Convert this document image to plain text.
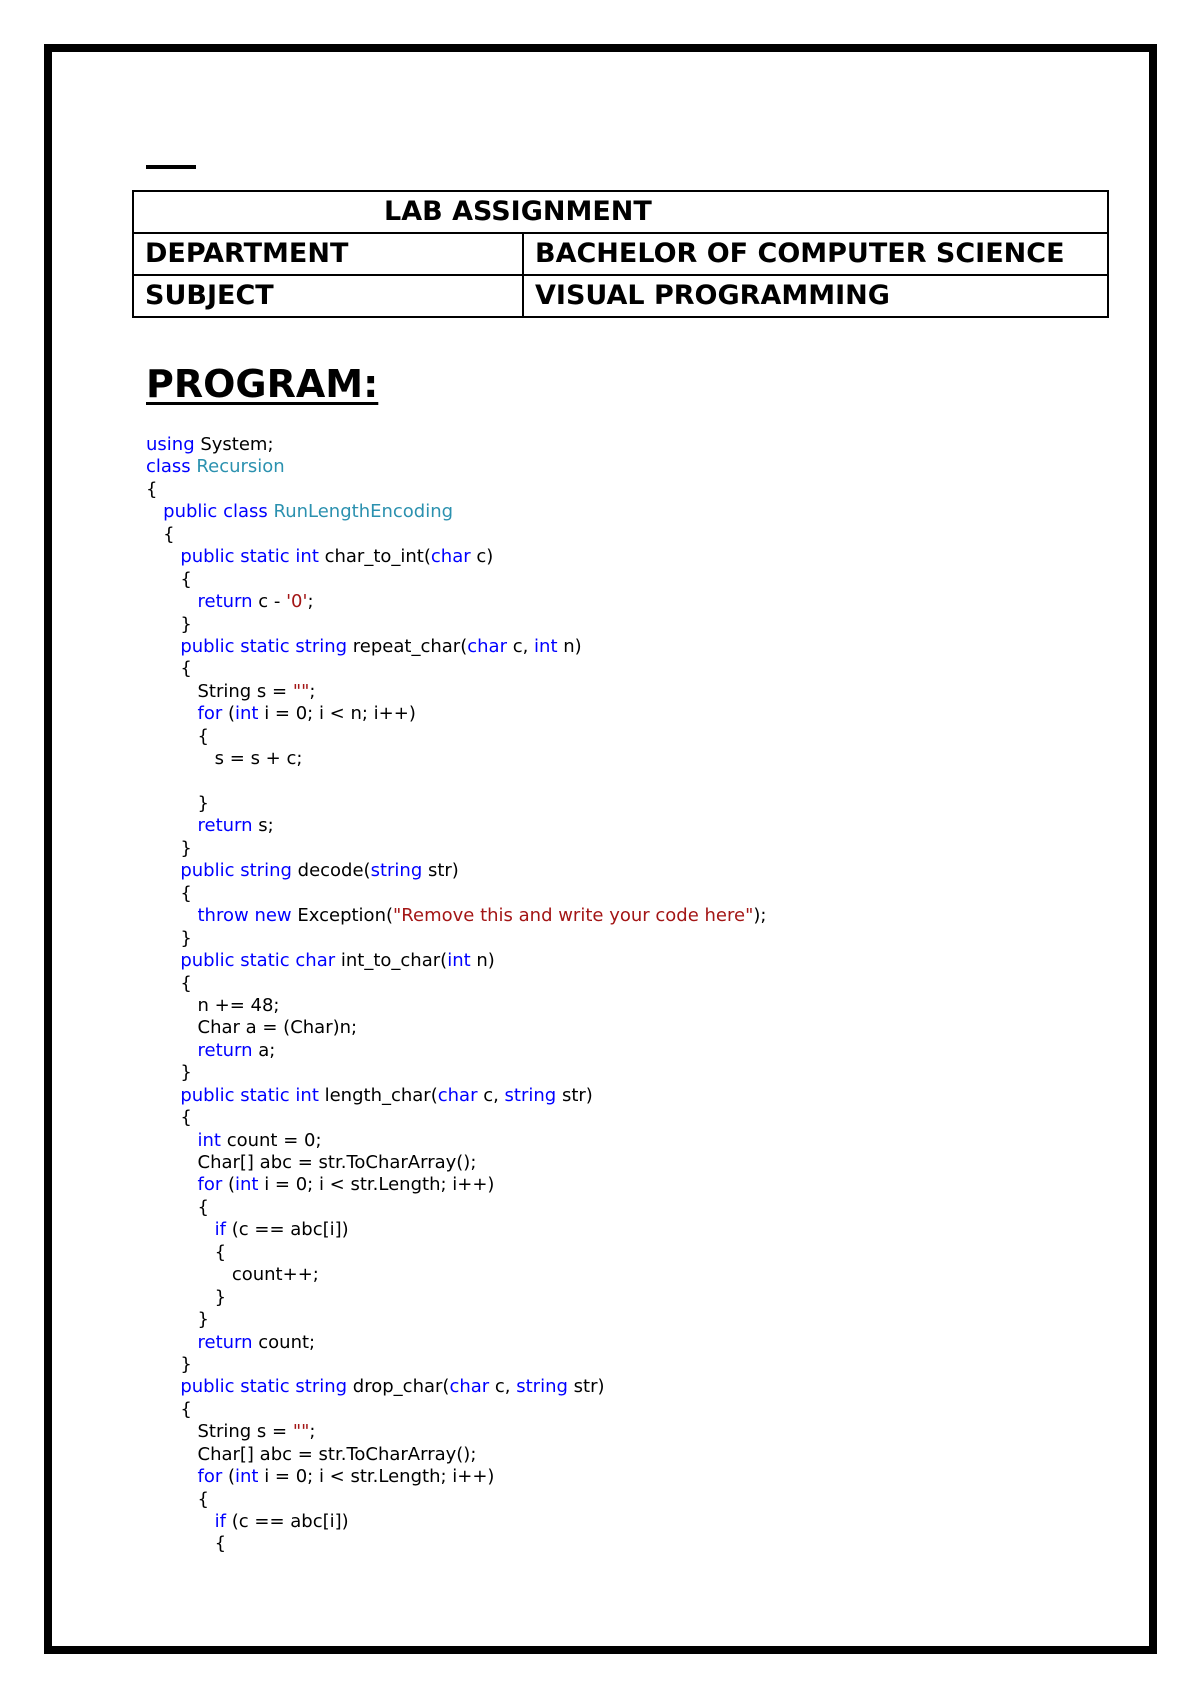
LAB ASSIGNMENT	
DEPARTMENT	BACHELOR OF COMPUTER SCIENCE
SUBJECT	VISUAL PROGRAMMING
PROGRAM:
using System;
class Recursion
{
public class RunLengthEncoding
{
public static int char_to_int(char c)
{
return c - '0';
}
public static string repeat_char(char c, int n)
{
String s = "";
for (int i = 0; i < n; i++)
{
s = s + c;
}
return s;
}
public string decode(string str)
{
throw new Exception("Remove this and write your code here");
}
public static char int_to_char(int n)
{
n += 48;
Char a = (Char)n;
return a;
}
public static int length_char(char c, string str)
{
int count = 0;
Char[] abc = str.ToCharArray();
for (int i = 0; i < str.Length; i++)
{
if (c == abc[i])
{
count++;
}
}
return count;
}
public static string drop_char(char c, string str)
{
String s = "";
Char[] abc = str.ToCharArray();
for (int i = 0; i < str.Length; i++)
{
if (c == abc[i])
{
